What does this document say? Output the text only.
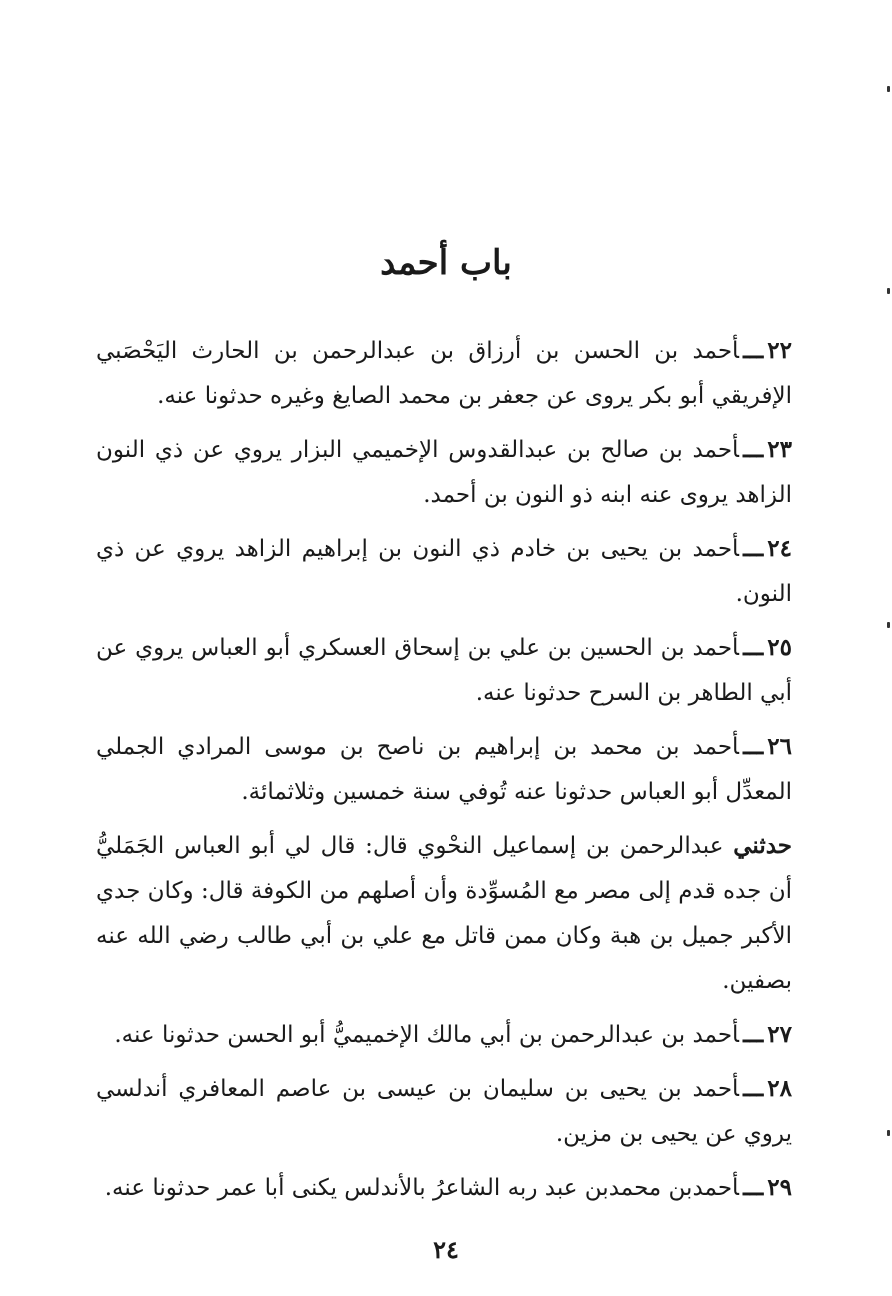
باب أحمد

٢٢ـــأحمد بن الحسن بن أرزاق بن عبدالرحمن بن الحارث اليَحْصَبي الإفريقي أبو بكر يروى عن جعفر بن محمد الصايغ وغيره حدثونا عنه.

٢٣ـــأحمد بن صالح بن عبدالقدوس الإخميمي البزار يروي عن ذي النون الزاهد يروى عنه ابنه ذو النون بن أحمد.

٢٤ـــأحمد بن يحيى بن خادم ذي النون بن إبراهيم الزاهد يروي عن ذي النون.

٢٥ـــأحمد بن الحسين بن علي بن إسحاق العسكري أبو العباس يروي عن أبي الطاهر بن السرح حدثونا عنه.

٢٦ـــأحمد بن محمد بن إبراهيم بن ناصح بن موسى المرادي الجملي المعدِّل أبو العباس حدثونا عنه تُوفي سنة خمسين وثلاثمائة.

حدثني عبدالرحمن بن إسماعيل النحْوي قال: قال لي أبو العباس الجَمَليُّ أن جده قدم إلى مصر مع المُسوِّدة وأن أصلهم من الكوفة قال: وكان جدي الأكبر جميل بن هبة وكان ممن قاتل مع علي بن أبي طالب رضي الله عنه بصفين.

٢٧ـــأحمد بن عبدالرحمن بن أبي مالك الإخميميُّ أبو الحسن حدثونا عنه.

٢٨ـــأحمد بن يحيى بن سليمان بن عيسى بن عاصم المعافري أندلسي يروي عن يحيى بن مزين.

٢٩ـــأحمدبن محمدبن عبد ربه الشاعرُ بالأندلس يكنى أبا عمر حدثونا عنه.

٢٤
